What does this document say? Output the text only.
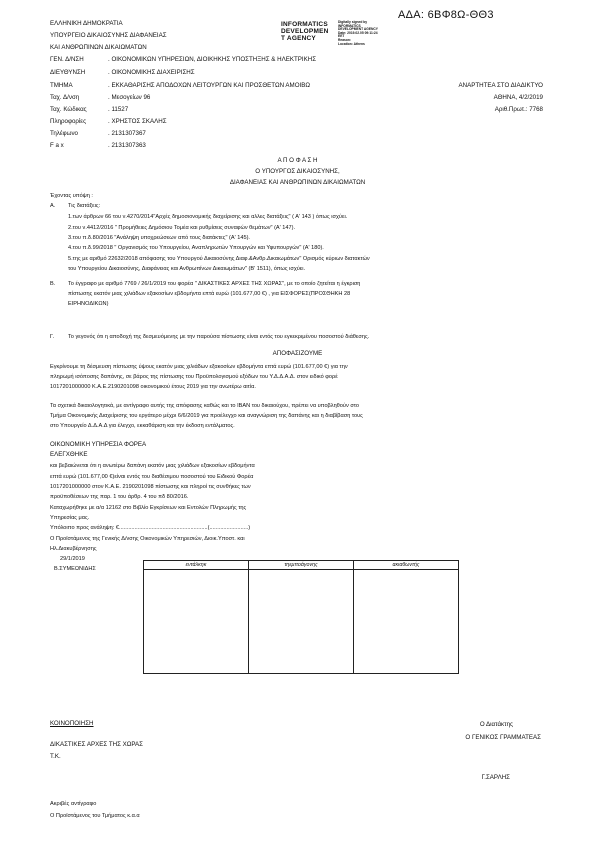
ΑΔΑ: 6ΒΦ8Ω-ΘΘ3
ΕΛΛΗΝΙΚΗ ΔΗΜΟΚΡΑΤΙΑ
ΥΠΟΥΡΓΕΙΟ ΔΙΚΑΙΟΣΥΝΗΣ ΔΙΑΦΑΝΕΙΑΣ
ΚΑΙ ΑΝΘΡΩΠΙΝΩΝ ΔΙΚΑΙΩΜΑΤΩΝ
INFORMATICS
DEVELOPMEN
T AGENCY
Digitally signed by
INFORMATICS
DEVELOPMENT AGENCY
Date: 2019.02.05 09:11:24
EET
Reason:
Location: Athens
ΓΕΝ. Δ/ΝΣΗ	. ΟΙΚΟΝΟΜΙΚΩΝ ΥΠΗΡΕΣΙΩΝ, ΔΙΟΙΚΗΚΗΣ ΥΠΟΣΤΗΞΗΣ & ΗΛΕΚΤΡΙΚΗΣ
ΔΙΕΥΘΥΝΣΗ	. ΟΙΚΟΝΟΜΙΚΗΣ ΔΙΑΧΕΙΡΙΣΗΣ
ΤΜΗΜΑ	. ΕΚΚΑΘΑΡΙΣΗΣ ΑΠΟΔΟΧΩΝ ΛΕΙΤΟΥΡΓΩΝ ΚΑΙ ΠΡΟΣΘΕΤΩΝ ΑΜΟΙΒΩ
Ταχ. Δ/νση	. Μεσογείων 96
Ταχ. Κώδικας	. 11527
Πληροφορίες	. ΧΡΗΣΤΟΣ ΣΚΑΛΗΣ
Τηλέφωνο	. 2131307367
F a x	. 2131307363
ΑΝΑΡΤΗΤΕΑ ΣΤΟ ΔΙΑΔΙΚΤΥΟ
ΑΘΗΝΑ, 4/2/2019
Αριθ.Πρωτ.: 7768
Α Π Ο Φ Α Σ Η
Ο ΥΠΟΥΡΓΟΣ ΔΙΚΑΙΟΣΥΝΗΣ,
ΔΙΑΦΑΝΕΙΑΣ ΚΑΙ ΑΝΘΡΩΠΙΝΩΝ ΔΙΚΑΙΩΜΑΤΩΝ
Έχοντας υπόψη :
Α. Τις διατάξεις:
1.των άρθρων 66 του ν.4270/2014"Αρχές δημοσιονομικής διαχείρισης και αλλες διατάξεις" ( Α' 143 ) όπως ισχύει.
2.του ν.4412/2016 " Προμήθειες Δημόσιου Τομέα και ρυθμίσεις συναφών θεμάτων" (Α' 147).
3.του π.δ.80/2016 "Ανάληψη υποχρεώσεων από τους διατάκτες" (Α' 145).
4.του π.δ.99/2018 " Οργανισμός του Υπουργείου, Αναπληρωτών Υπουργών και Υφυπουργών" (Α' 180).
5.της με αριθμό 22632/2018 απόφασης του Υπουργού Δικαιοσύνης Διαφ.&Ανθρ.Δικαιωμάτων" Ορισμός κύριων διατακτών
του Υπουργείου Δικαιοσύνης, Διαφάνειας και Ανθρωπίνων Δικαιωμάτων" (Β' 1511), όπως ισχύει.
Β. Το έγγραφο με αριθμό 7769 / 26/1/2019 του φορέα " ΔΙΚΑΣΤΙΚΕΣ ΑΡΧΕΣ ΤΗΣ ΧΩΡΑΣ", με το οποίο ζητείται η έγκριση
πίστωσης εκατόν μιας χιλιάδων εξακοσίων εβδομήντα επτά ευρώ (101.677,00 €) , για ΕΙΣΦΟΡΕΣ(ΠΡΟΣΘΗΚΗ 28
ΕΙΡΗΝΟΔΙΚΩΝ)
Γ. Το γεγονός ότι η αποδοχή της δεσμευόμενης με την παρούσα πίστωσης είναι εντός του εγκεκριμένου ποσοστού διάθεσης.
ΑΠΟΦΑΣΙΖΟΥΜΕ
Εγκρίνουμε τη δέσμευση πίστωσης ύψους εκατόν μιας χιλιάδων εξακοσίων εβδομήντα επτά ευρώ (101.677,00 €) για την
πληρωμή ισόποσης δαπάνης, σε βάρος της πίστωσης του Προϋπολογισμού εξόδων του Υ.Δ.Δ.Α.Δ. στον ειδικό φορέ
1017201000000 Κ.Α.Ε.2190201098 οικονομικού έτους 2019 για την ανωτέρω αιτία.
Τα σχετικά δικαιολογητικά, με αντίγραφο αυτής της απόφασης καθώς και το IBAN του δικαιούχου, πρέπει να υποβληθούν στο
Τμήμα Οικονομικής Διαχείρισης του εργάτερο μέχρι 6/6/2019 για προέλεγχο και αναγνώριση της δαπάνης και η διαβίβαση τους
στο Υπουργείο Δ.Δ.Α.Δ για έλεγχο, εκκαθάριση και την έκδοση εντάλματος.
ΟΙΚΟΝΟΜΙΚΗ ΥΠΗΡΕΣΙΑ ΦΟΡΕΑ
ΕΛΕΓΧΘΗΚΕ
και βεβαιώνεται ότι η ανωτέρω δαπάνη εκατόν μιας χιλιάδων εξακοσίων εβδομήντα
επτά ευρώ (101.677,00 €)είναι εντός του διαθέσιμου ποσοστού του Ειδικού Φορέα
1017201000000 στον Κ.Α.Ε. 2190201098 πίστωσης και πληροί τις συνθήκες των
προϋποθέσεων της παρ. 1 του άρθρ. 4 του πδ 80/2016.
Καταχωρήθηκε με α/α 12162 στο Βιβλίο Εγκρίσεων και Εντολών Πληρωμής της
Υπηρεσίας μας.
Υπόλοιπο προς ανάληψη: €.........................................................(.........................)
Ο Προϊστάμενος της Γενικής Δ/νσης Οικονομικών Υπηρεσιών, Διοικ.Υποστ. και
Ηλ.Διακυβέρνησης
29/1/2019
Β.ΣΥΜΕΩΝΙΔΗΣ
εντάλκηκ	τηεμποάγονης	ακιαθωντής

ΚΟΙΝΟΠΟΙΗΣΗ
ΔΙΚΑΣΤΙΚΕΣ ΑΡΧΕΣ ΤΗΣ ΧΩΡΑΣ
Τ.Κ.
Ο Διατάκτης
Ο ΓΕΝΙΚΟΣ ΓΡΑΜΜΑΤΕΑΣ
Γ.ΣΑΡΛΗΣ
Ακριβές αντίγραφο
Ο Προϊστάμενος του Τμήματος κ.α.α
